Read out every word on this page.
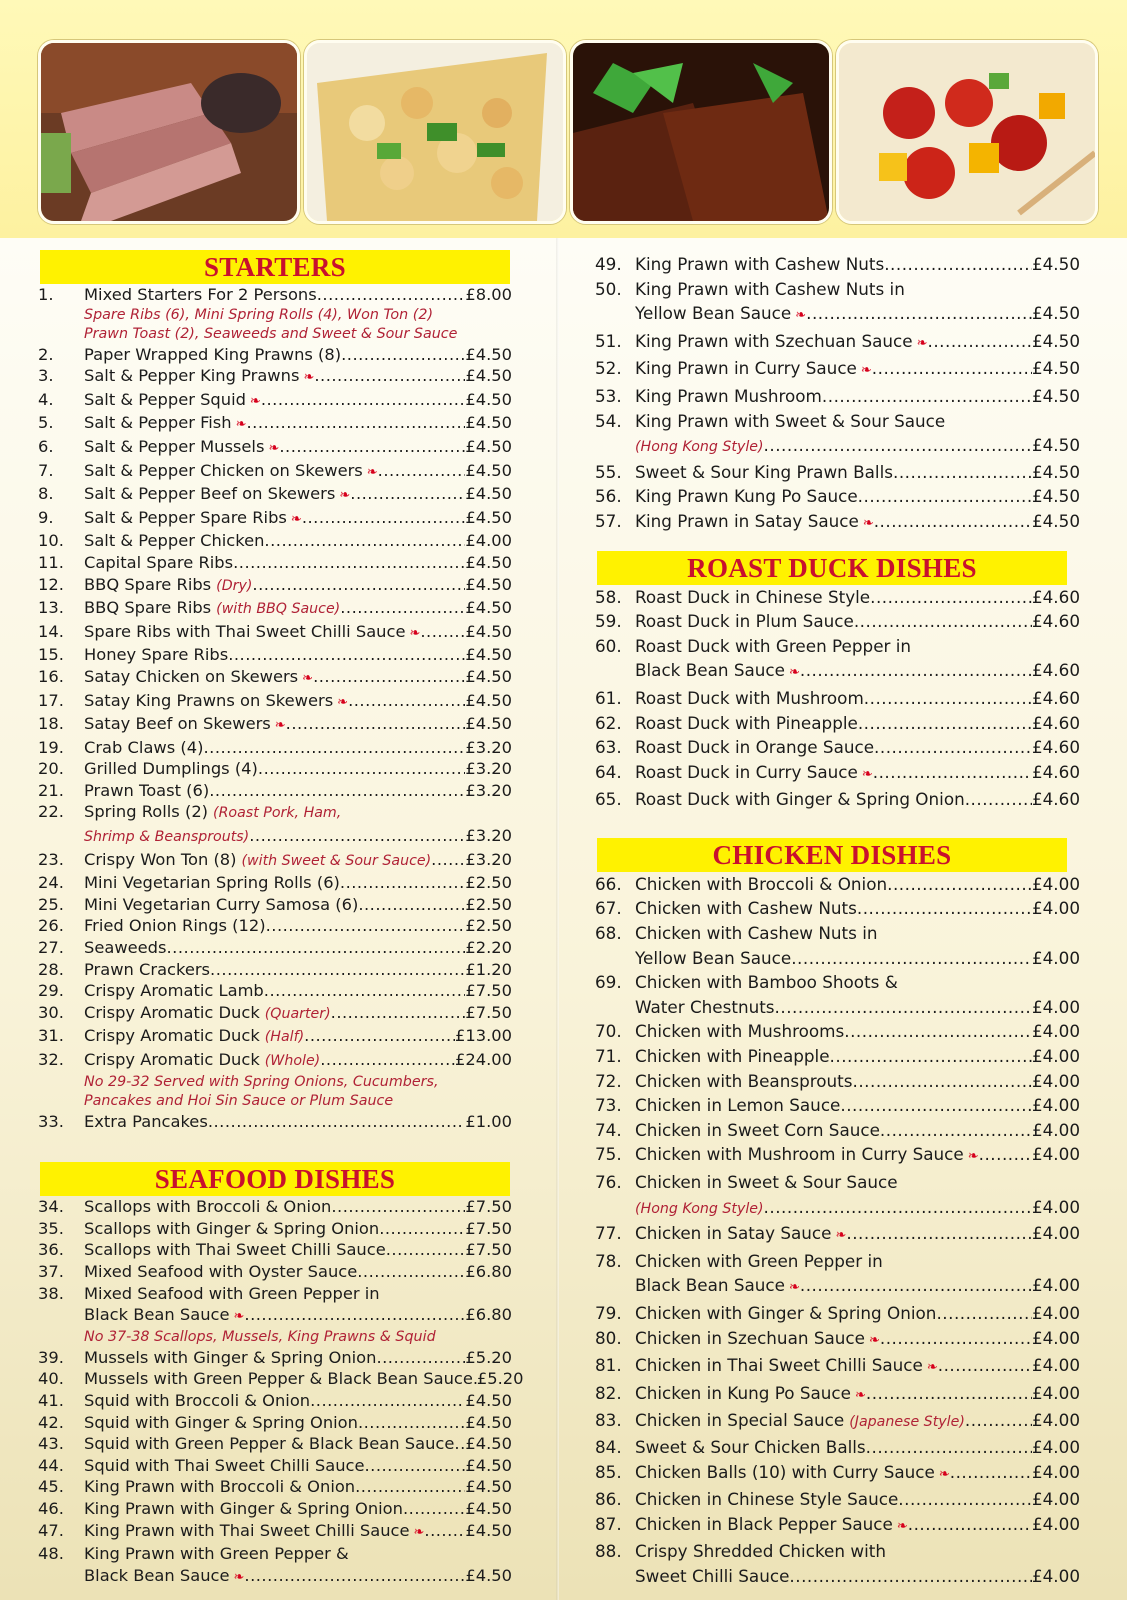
STARTERS
1.	Mixed Starters For 2 Persons .....	£8.00
Spare Ribs (6), Mini Spring Rolls (4), Won Ton (2)
Prawn Toast (2), Seaweeds and Sweet & Sour Sauce
2.	Paper Wrapped King Prawns (8) .....	£4.50
3.	Salt & Pepper King Prawns ❧ .....	£4.50
4.	Salt & Pepper Squid ❧ .....	£4.50
5.	Salt & Pepper Fish ❧ .....	£4.50
6.	Salt & Pepper Mussels ❧ .....	£4.50
7.	Salt & Pepper Chicken on Skewers ❧ .....	£4.50
8.	Salt & Pepper Beef on Skewers ❧ .....	£4.50
9.	Salt & Pepper Spare Ribs ❧ .....	£4.50
10.	Salt & Pepper Chicken .....	£4.00
11.	Capital Spare Ribs .....	£4.50
12.	BBQ Spare Ribs (Dry) .....	£4.50
13.	BBQ Spare Ribs (with BBQ Sauce) .....	£4.50
14.	Spare Ribs with Thai Sweet Chilli Sauce ❧ .....	£4.50
15.	Honey Spare Ribs .....	£4.50
16.	Satay Chicken on Skewers ❧ .....	£4.50
17.	Satay King Prawns on Skewers ❧ .....	£4.50
18.	Satay Beef on Skewers ❧ .....	£4.50
19.	Crab Claws (4) .....	£3.20
20.	Grilled Dumplings (4) .....	£3.20
21.	Prawn Toast (6) .....	£3.20
22.	Spring Rolls (2) (Roast Pork, Ham,
Shrimp & Beansprouts) .....	£3.20
23.	Crispy Won Ton (8) (with Sweet & Sour Sauce) ..... £3.20
24.	Mini Vegetarian Spring Rolls (6) .....	£2.50
25.	Mini Vegetarian Curry Samosa (6) .....	£2.50
26.	Fried Onion Rings (12) .....	£2.50
27.	Seaweeds .....	£2.20
28.	Prawn Crackers .....	£1.20
29.	Crispy Aromatic Lamb .....	£7.50
30.	Crispy Aromatic Duck (Quarter) .....	£7.50
31.	Crispy Aromatic Duck (Half) .....	£13.00
32.	Crispy Aromatic Duck (Whole) .....	£24.00
No 29-32 Served with Spring Onions, Cucumbers,
Pancakes and Hoi Sin Sauce or Plum Sauce
33.	Extra Pancakes .....	£1.00
SEAFOOD DISHES
34.	Scallops with Broccoli & Onion .....	£7.50
35.	Scallops with Ginger & Spring Onion .....	£7.50
36.	Scallops with Thai Sweet Chilli Sauce .....	£7.50
37.	Mixed Seafood with Oyster Sauce .....	£6.80
38.	Mixed Seafood with Green Pepper in
Black Bean Sauce ❧ .....	£6.80
No 37-38 Scallops, Mussels, King Prawns & Squid
39.	Mussels with Ginger & Spring Onion .....	£5.20
40.	Mussels with Green Pepper & Black Bean Sauce ..... £5.20
41.	Squid with Broccoli & Onion .....	£4.50
42.	Squid with Ginger & Spring Onion .....	£4.50
43.	Squid with Green Pepper & Black Bean Sauce ..... £4.50
44.	Squid with Thai Sweet Chilli Sauce .....	£4.50
45.	King Prawn with Broccoli & Onion .....	£4.50
46.	King Prawn with Ginger & Spring Onion .....	£4.50
47.	King Prawn with Thai Sweet Chilli Sauce ❧ .....	£4.50
48.	King Prawn with Green Pepper &
Black Bean Sauce ❧ .....	£4.50
49. King Prawn with Cashew Nuts .....	£4.50
50. King Prawn with Cashew Nuts in
Yellow Bean Sauce ❧ .....	£4.50
51. King Prawn with Szechuan Sauce ❧ .....	£4.50
52. King Prawn in Curry Sauce ❧ .....	£4.50
53. King Prawn Mushroom .....	£4.50
54. King Prawn with Sweet & Sour Sauce
(Hong Kong Style) .....	£4.50
55. Sweet & Sour King Prawn Balls .....	£4.50
56. King Prawn Kung Po Sauce .....	£4.50
57. King Prawn in Satay Sauce ❧ .....	£4.50
ROAST DUCK DISHES
58. Roast Duck in Chinese Style .....	£4.60
59. Roast Duck in Plum Sauce .....	£4.60
60. Roast Duck with Green Pepper in
Black Bean Sauce ❧ .....	£4.60
61. Roast Duck with Mushroom .....	£4.60
62. Roast Duck with Pineapple .....	£4.60
63. Roast Duck in Orange Sauce .....	£4.60
64. Roast Duck in Curry Sauce ❧ .....	£4.60
65. Roast Duck with Ginger & Spring Onion .....	£4.60
CHICKEN DISHES
66. Chicken with Broccoli & Onion .....	£4.00
67. Chicken with Cashew Nuts .....	£4.00
68. Chicken with Cashew Nuts in
Yellow Bean Sauce .....	£4.00
69. Chicken with Bamboo Shoots &
Water Chestnuts .....	£4.00
70. Chicken with Mushrooms .....	£4.00
71. Chicken with Pineapple .....	£4.00
72. Chicken with Beansprouts .....	£4.00
73. Chicken in Lemon Sauce .....	£4.00
74. Chicken in Sweet Corn Sauce .....	£4.00
75. Chicken with Mushroom in Curry Sauce ❧ .....	£4.00
76. Chicken in Sweet & Sour Sauce
(Hong Kong Style) .....	£4.00
77. Chicken in Satay Sauce ❧ .....	£4.00
78. Chicken with Green Pepper in
Black Bean Sauce ❧ .....	£4.00
79. Chicken with Ginger & Spring Onion .....	£4.00
80. Chicken in Szechuan Sauce ❧ .....	£4.00
81. Chicken in Thai Sweet Chilli Sauce ❧ .....	£4.00
82. Chicken in Kung Po Sauce ❧ .....	£4.00
83. Chicken in Special Sauce (Japanese Style) .....	£4.00
84. Sweet & Sour Chicken Balls .....	£4.00
85. Chicken Balls (10) with Curry Sauce ❧ .....	£4.00
86. Chicken in Chinese Style Sauce .....	£4.00
87. Chicken in Black Pepper Sauce ❧ .....	£4.00
88. Crispy Shredded Chicken with
Sweet Chilli Sauce .....	£4.00
